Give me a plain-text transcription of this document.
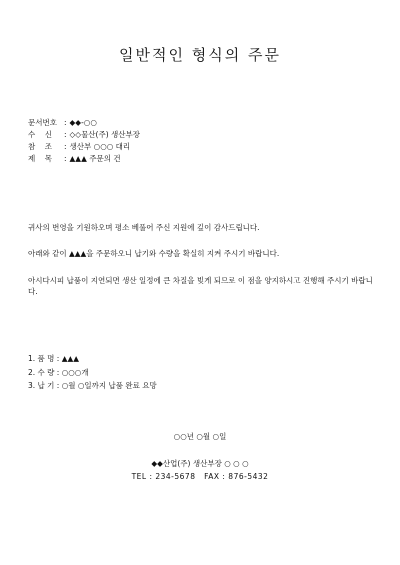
일반적인 형식의 주문
문서번호 : ◆◆-○○
수    신 : ◇◇물산(주) 생산부장
참    조 : 생산부 ○○○ 대리
제    목 : ▲▲▲ 주문의 건
귀사의 번영을 기원하오며 평소 베풀어 주신 지원에 깊이 감사드립니다.
아래와 같이 ▲▲▲을 주문하오니 납기와 수량을 확실히 지켜 주시기 바랍니다.
아시다시피 납품이 지연되면 생산 일정에 큰 차질을 빚게 되므로 이 점을 양지하시고 진행해 주시기 바랍니다.
1. 품 명 : ▲▲▲
2. 수 량 : ○○○개
3. 납 기 : ○월 ○일까지 납품 완료 요망
○○년 ○월 ○일
◆◆산업(주) 생산부장 ○ ○ ○
TEL : 234-5678   FAX : 876-5432
